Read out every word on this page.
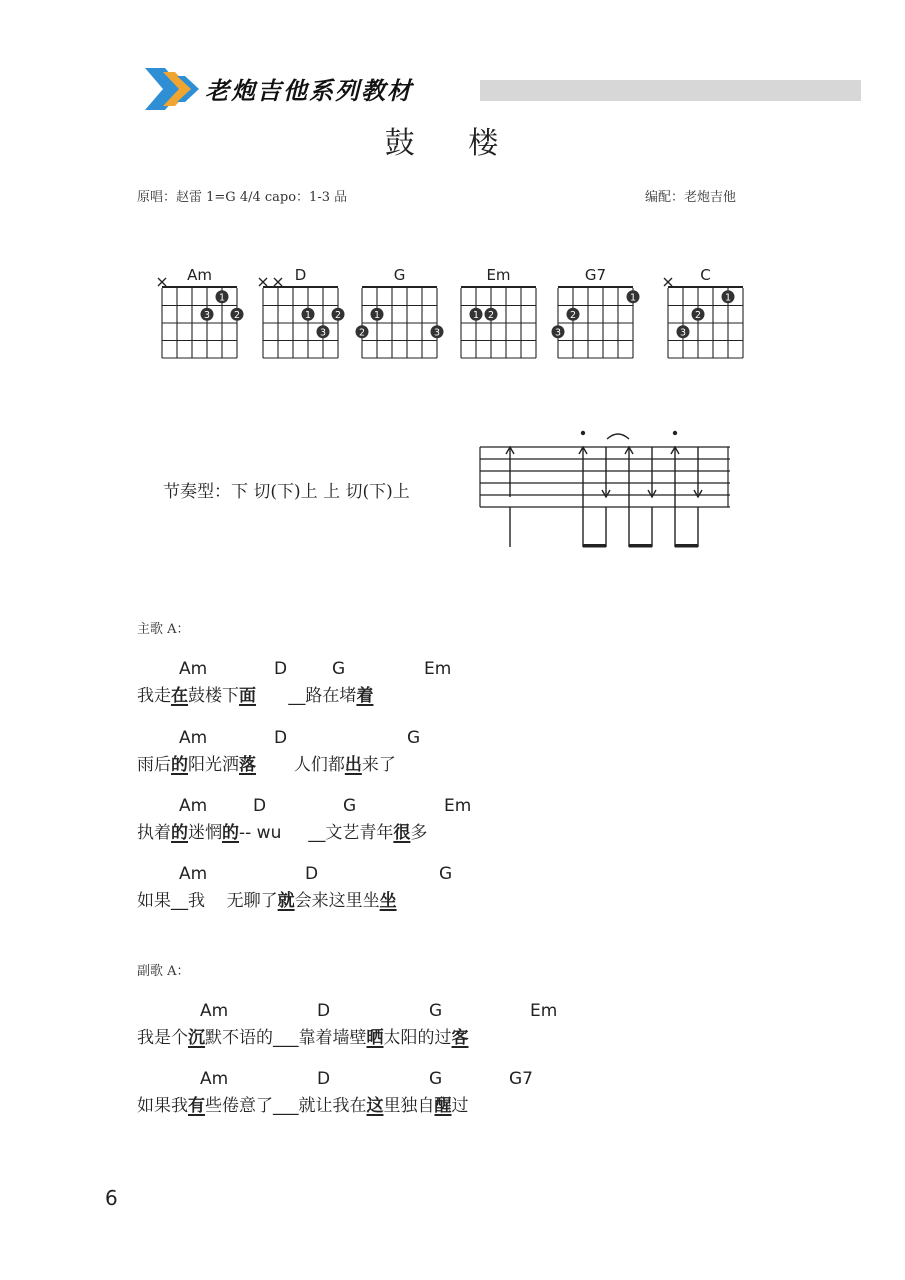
老炮吉他系列教材
鼓 楼
原唱：赵雷 1=G 4/4 capo：1-3 品	编配：老炮吉他
Am
2
3
1
D
1	2
3
G
1
2	3
Em
1 2
G7
1
2
3
C
1
2
3
节奏型：下 切(下)上 上 切(下)上
主歌 A：
Am	D	G	Em
我走在鼓楼下面      __路在堵着
Am	D	G
雨后的阳光洒落       人们都出来了
Am	D	G	Em
执着的迷惘的-- wu     __文艺青年很多
Am	D	G
如果__我    无聊了就会来这里坐坐
副歌 A：
Am	D	G	Em
我是个沉默不语的___靠着墙壁晒太阳的过客
Am	D	G	G7
如果我有些倦意了___就让我在这里独自醒过
6
